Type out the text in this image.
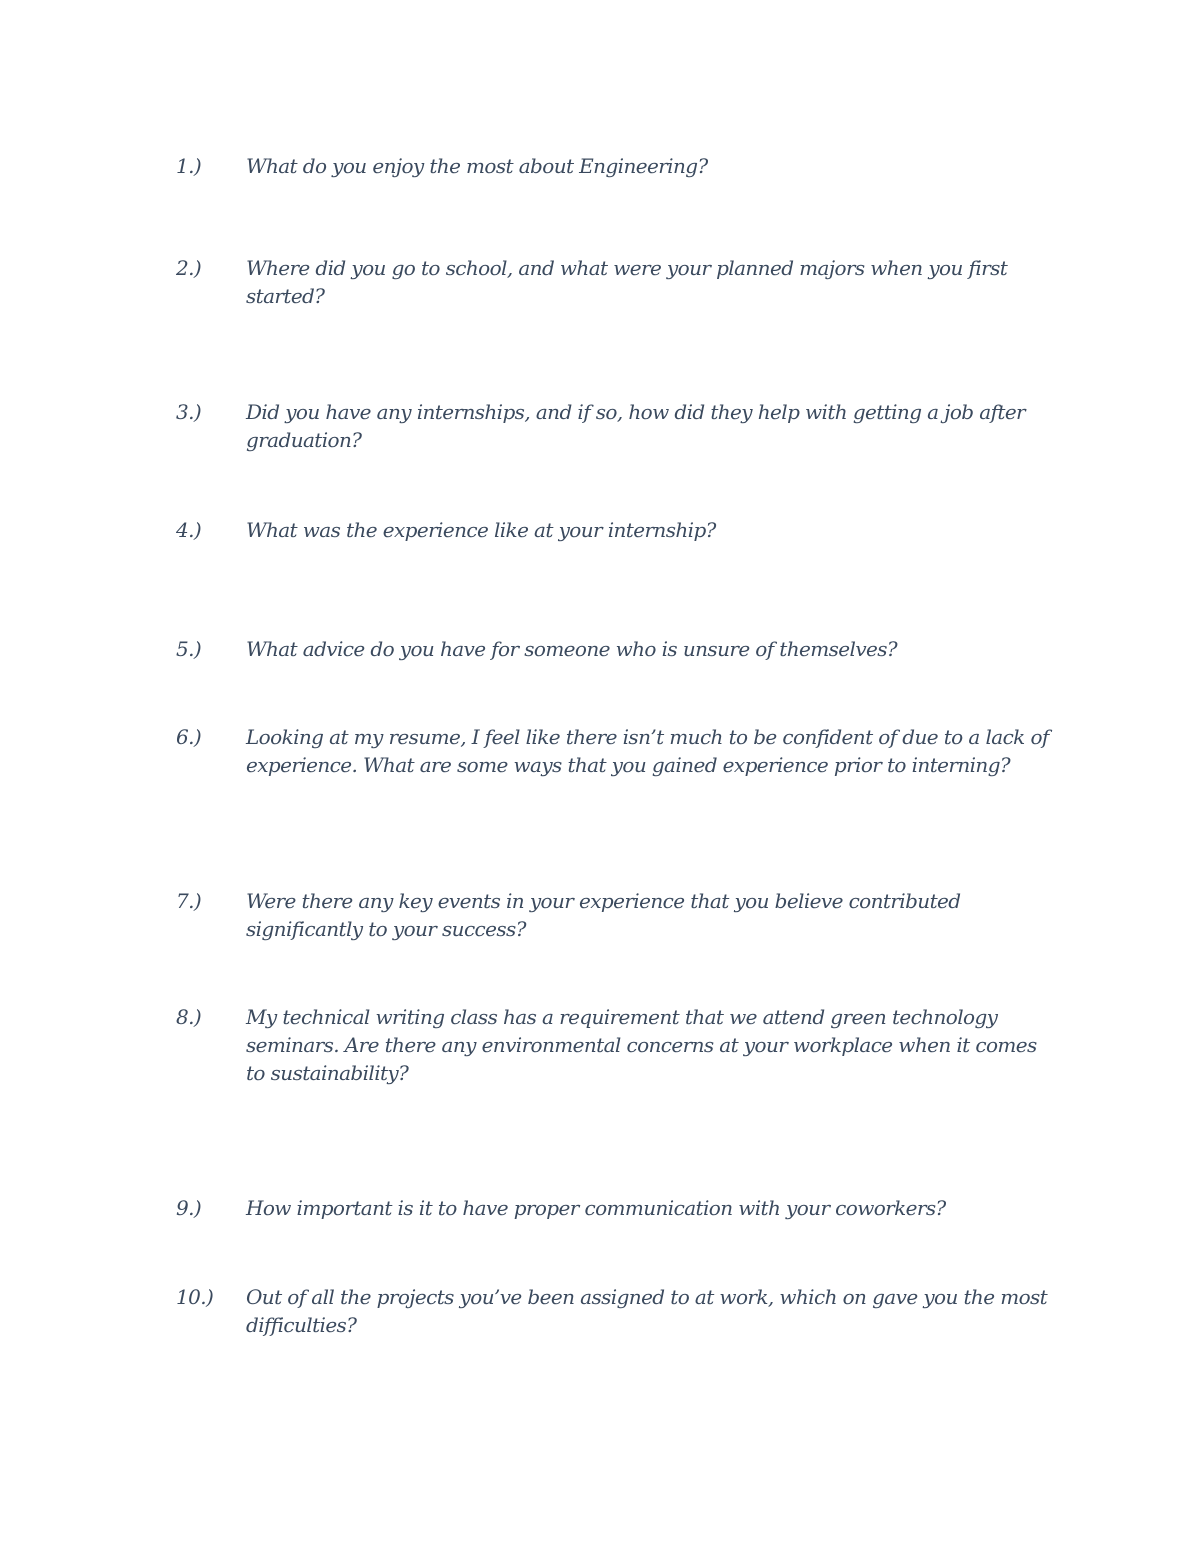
1.) What do you enjoy the most about Engineering?
2.) Where did you go to school, and what were your planned majors when you first started?
3.) Did you have any internships, and if so, how did they help with getting a job after graduation?
4.) What was the experience like at your internship?
5.) What advice do you have for someone who is unsure of themselves?
6.) Looking at my resume, I feel like there isn’t much to be confident of due to a lack of experience. What are some ways that you gained experience prior to interning?
7.) Were there any key events in your experience that you believe contributed significantly to your success?
8.) My technical writing class has a requirement that we attend green technology seminars. Are there any environmental concerns at your workplace when it comes to sustainability?
9.) How important is it to have proper communication with your coworkers?
10.) Out of all the projects you’ve been assigned to at work, which on gave you the most difficulties?
